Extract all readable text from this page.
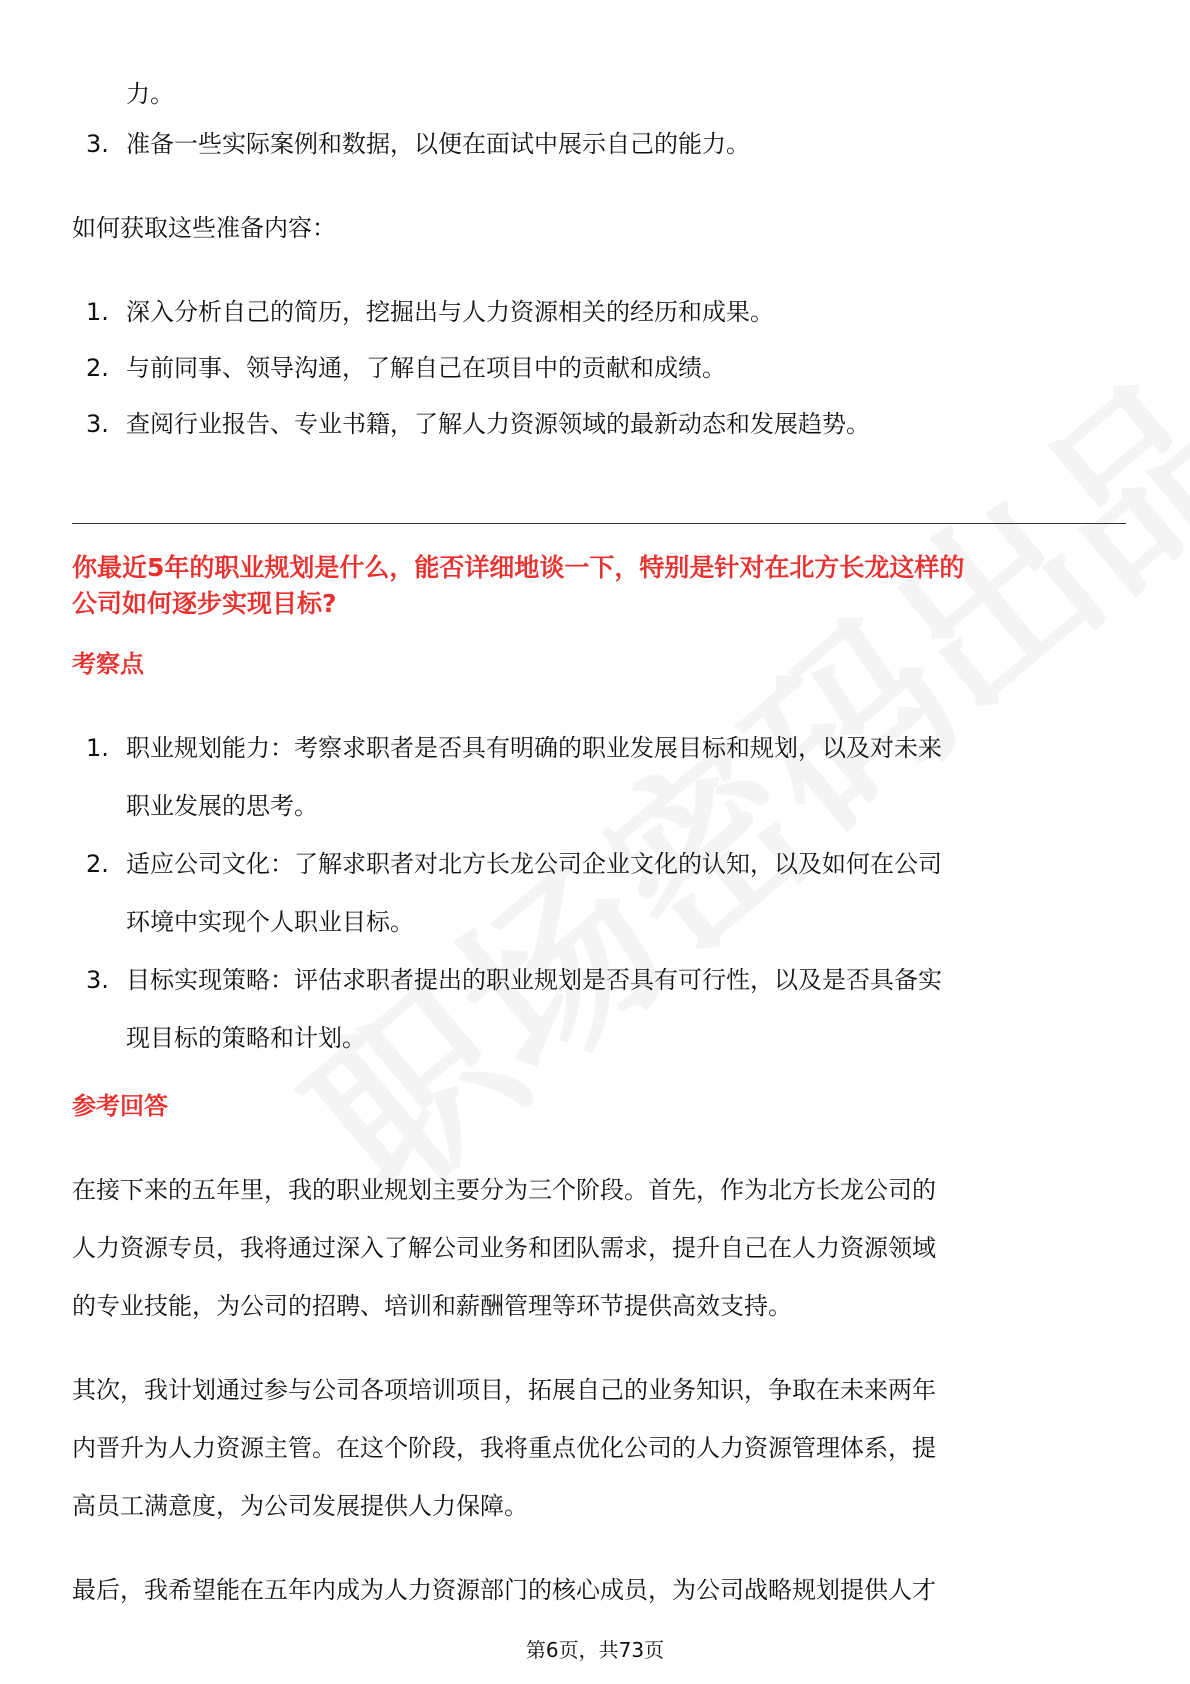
力。
3. 准备一些实际案例和数据，以便在面试中展示自己的能力。
如何获取这些准备内容：
1. 深入分析自己的简历，挖掘出与人力资源相关的经历和成果。
2. 与前同事、领导沟通，了解自己在项目中的贡献和成绩。
3. 查阅行业报告、专业书籍，了解人力资源领域的最新动态和发展趋势。
你最近5年的职业规划是什么，能否详细地谈一下，特别是针对在北方长龙这样的
公司如何逐步实现目标?
考察点
1. 职业规划能力：考察求职者是否具有明确的职业发展目标和规划，以及对未来
职业发展的思考。
2. 适应公司文化：了解求职者对北方长龙公司企业文化的认知，以及如何在公司
环境中实现个人职业目标。
3. 目标实现策略：评估求职者提出的职业规划是否具有可行性，以及是否具备实
现目标的策略和计划。
参考回答
在接下来的五年里，我的职业规划主要分为三个阶段。首先，作为北方长龙公司的
人力资源专员，我将通过深入了解公司业务和团队需求，提升自己在人力资源领域
的专业技能，为公司的招聘、培训和薪酬管理等环节提供高效支持。
其次，我计划通过参与公司各项培训项目，拓展自己的业务知识，争取在未来两年
内晋升为人力资源主管。在这个阶段，我将重点优化公司的人力资源管理体系，提
高员工满意度，为公司发展提供人力保障。
最后，我希望能在五年内成为人力资源部门的核心成员，为公司战略规划提供人才
第6页，共73页
